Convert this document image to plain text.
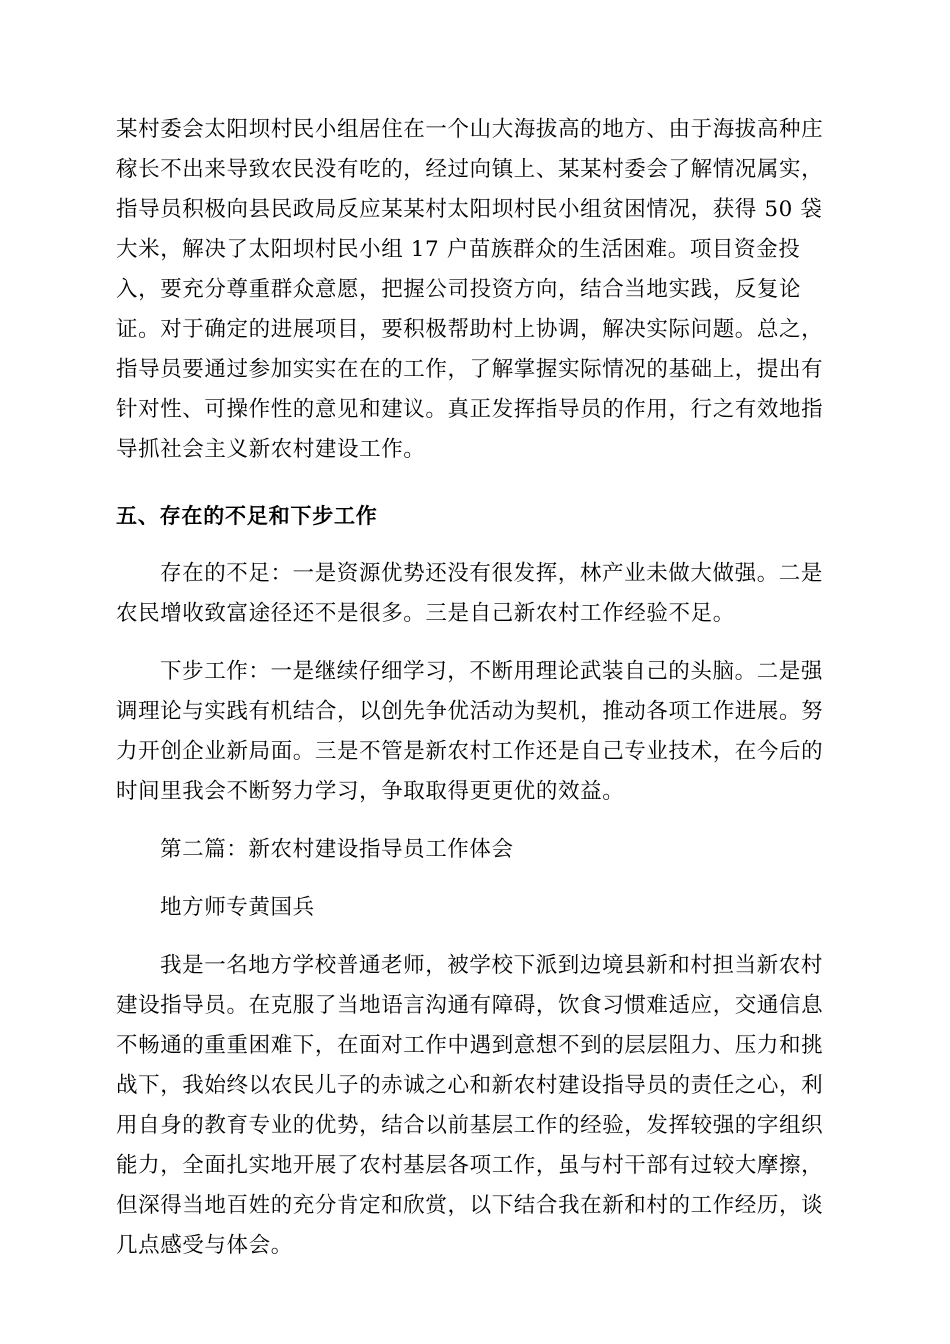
某村委会太阳坝村民小组居住在一个山大海拔高的地方、由于海拔高种庄
稼长不出来导致农民没有吃的，经过向镇上、某某村委会了解情况属实，
指导员积极向县民政局反应某某村太阳坝村民小组贫困情况，获得 50 袋
大米，解决了太阳坝村民小组 17 户苗族群众的生活困难。项目资金投
入，要充分尊重群众意愿，把握公司投资方向，结合当地实践，反复论
证。对于确定的进展项目，要积极帮助村上协调，解决实际问题。总之，
指导员要通过参加实实在在的工作，了解掌握实际情况的基础上，提出有
针对性、可操作性的意见和建议。真正发挥指导员的作用，行之有效地指
导抓社会主义新农村建设工作。
五、存在的不足和下步工作
存在的不足：一是资源优势还没有很发挥，林产业未做大做强。二是
农民增收致富途径还不是很多。三是自己新农村工作经验不足。
下步工作：一是继续仔细学习，不断用理论武装自己的头脑。二是强
调理论与实践有机结合，以创先争优活动为契机，推动各项工作进展。努
力开创企业新局面。三是不管是新农村工作还是自己专业技术，在今后的
时间里我会不断努力学习，争取取得更更优的效益。
第二篇：新农村建设指导员工作体会
地方师专黄国兵
我是一名地方学校普通老师，被学校下派到边境县新和村担当新农村
建设指导员。在克服了当地语言沟通有障碍，饮食习惯难适应，交通信息
不畅通的重重困难下，在面对工作中遇到意想不到的层层阻力、压力和挑
战下，我始终以农民儿子的赤诚之心和新农村建设指导员的责任之心，利
用自身的教育专业的优势，结合以前基层工作的经验，发挥较强的字组织
能力，全面扎实地开展了农村基层各项工作，虽与村干部有过较大摩擦，
但深得当地百姓的充分肯定和欣赏，以下结合我在新和村的工作经历，谈
几点感受与体会。
